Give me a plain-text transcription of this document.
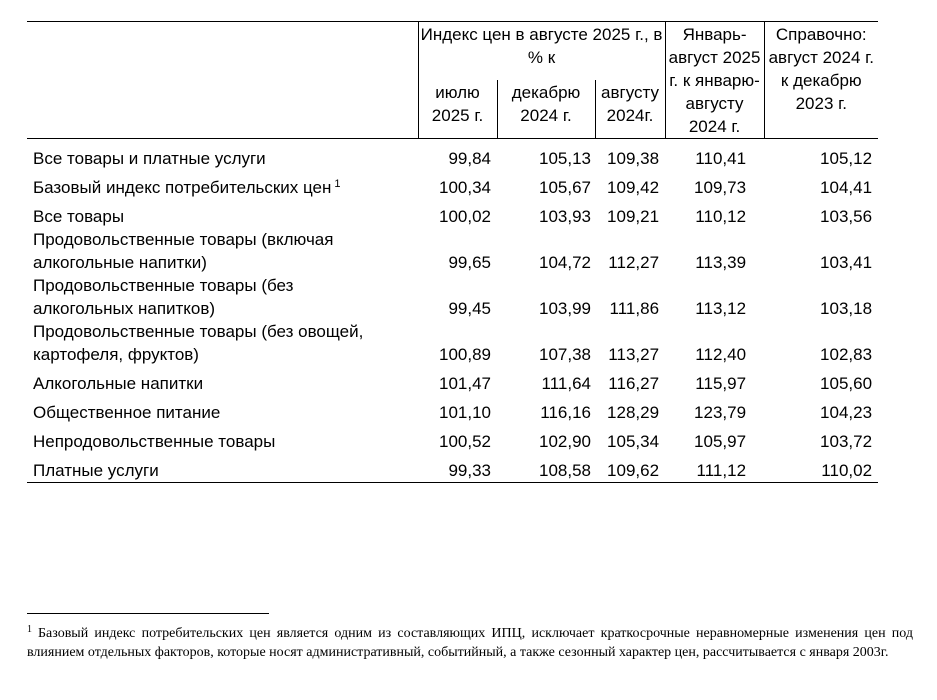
	Индекс цен в августе 2025 г., в % к			Январь-август 2025 г. к январю-августу 2024 г.	Справочно: август 2024 г. к декабрю 2023 г.
	июлю 2025 г.	декабрю 2024 г.	августу 2024г.		
Все товары и платные услуги	99,84	105,13	109,38	110,41	105,12
Базовый индекс потребительских цен $^1$	100,34	105,67	109,42	109,73	104,41
Все товары	100,02	103,93	109,21	110,12	103,56
Продовольственные товары (включая
алкогольные напитки)	99,65	104,72	112,27	113,39	103,41
Продовольственные товары (без
алкогольных напитков)	99,45	103,99	111,86	113,12	103,18
Продовольственные товары (без овощей,
картофеля, фруктов)	100,89	107,38	113,27	112,40	102,83
Алкогольные напитки	101,47	111,64	116,27	115,97	105,60
Общественное питание	101,10	116,16	128,29	123,79	104,23
Непродовольственные товары	100,52	102,90	105,34	105,97	103,72
Платные услуги	99,33	108,58	109,62	111,12	110,02
$^1$ Базовый индекс потребительских цен является одним из составляющих ИПЦ, исключает краткосрочные неравномерные изменения цен под влиянием отдельных факторов, которые носят административный, событийный, а также сезонный характер цен, рассчитывается с января 2003г.
